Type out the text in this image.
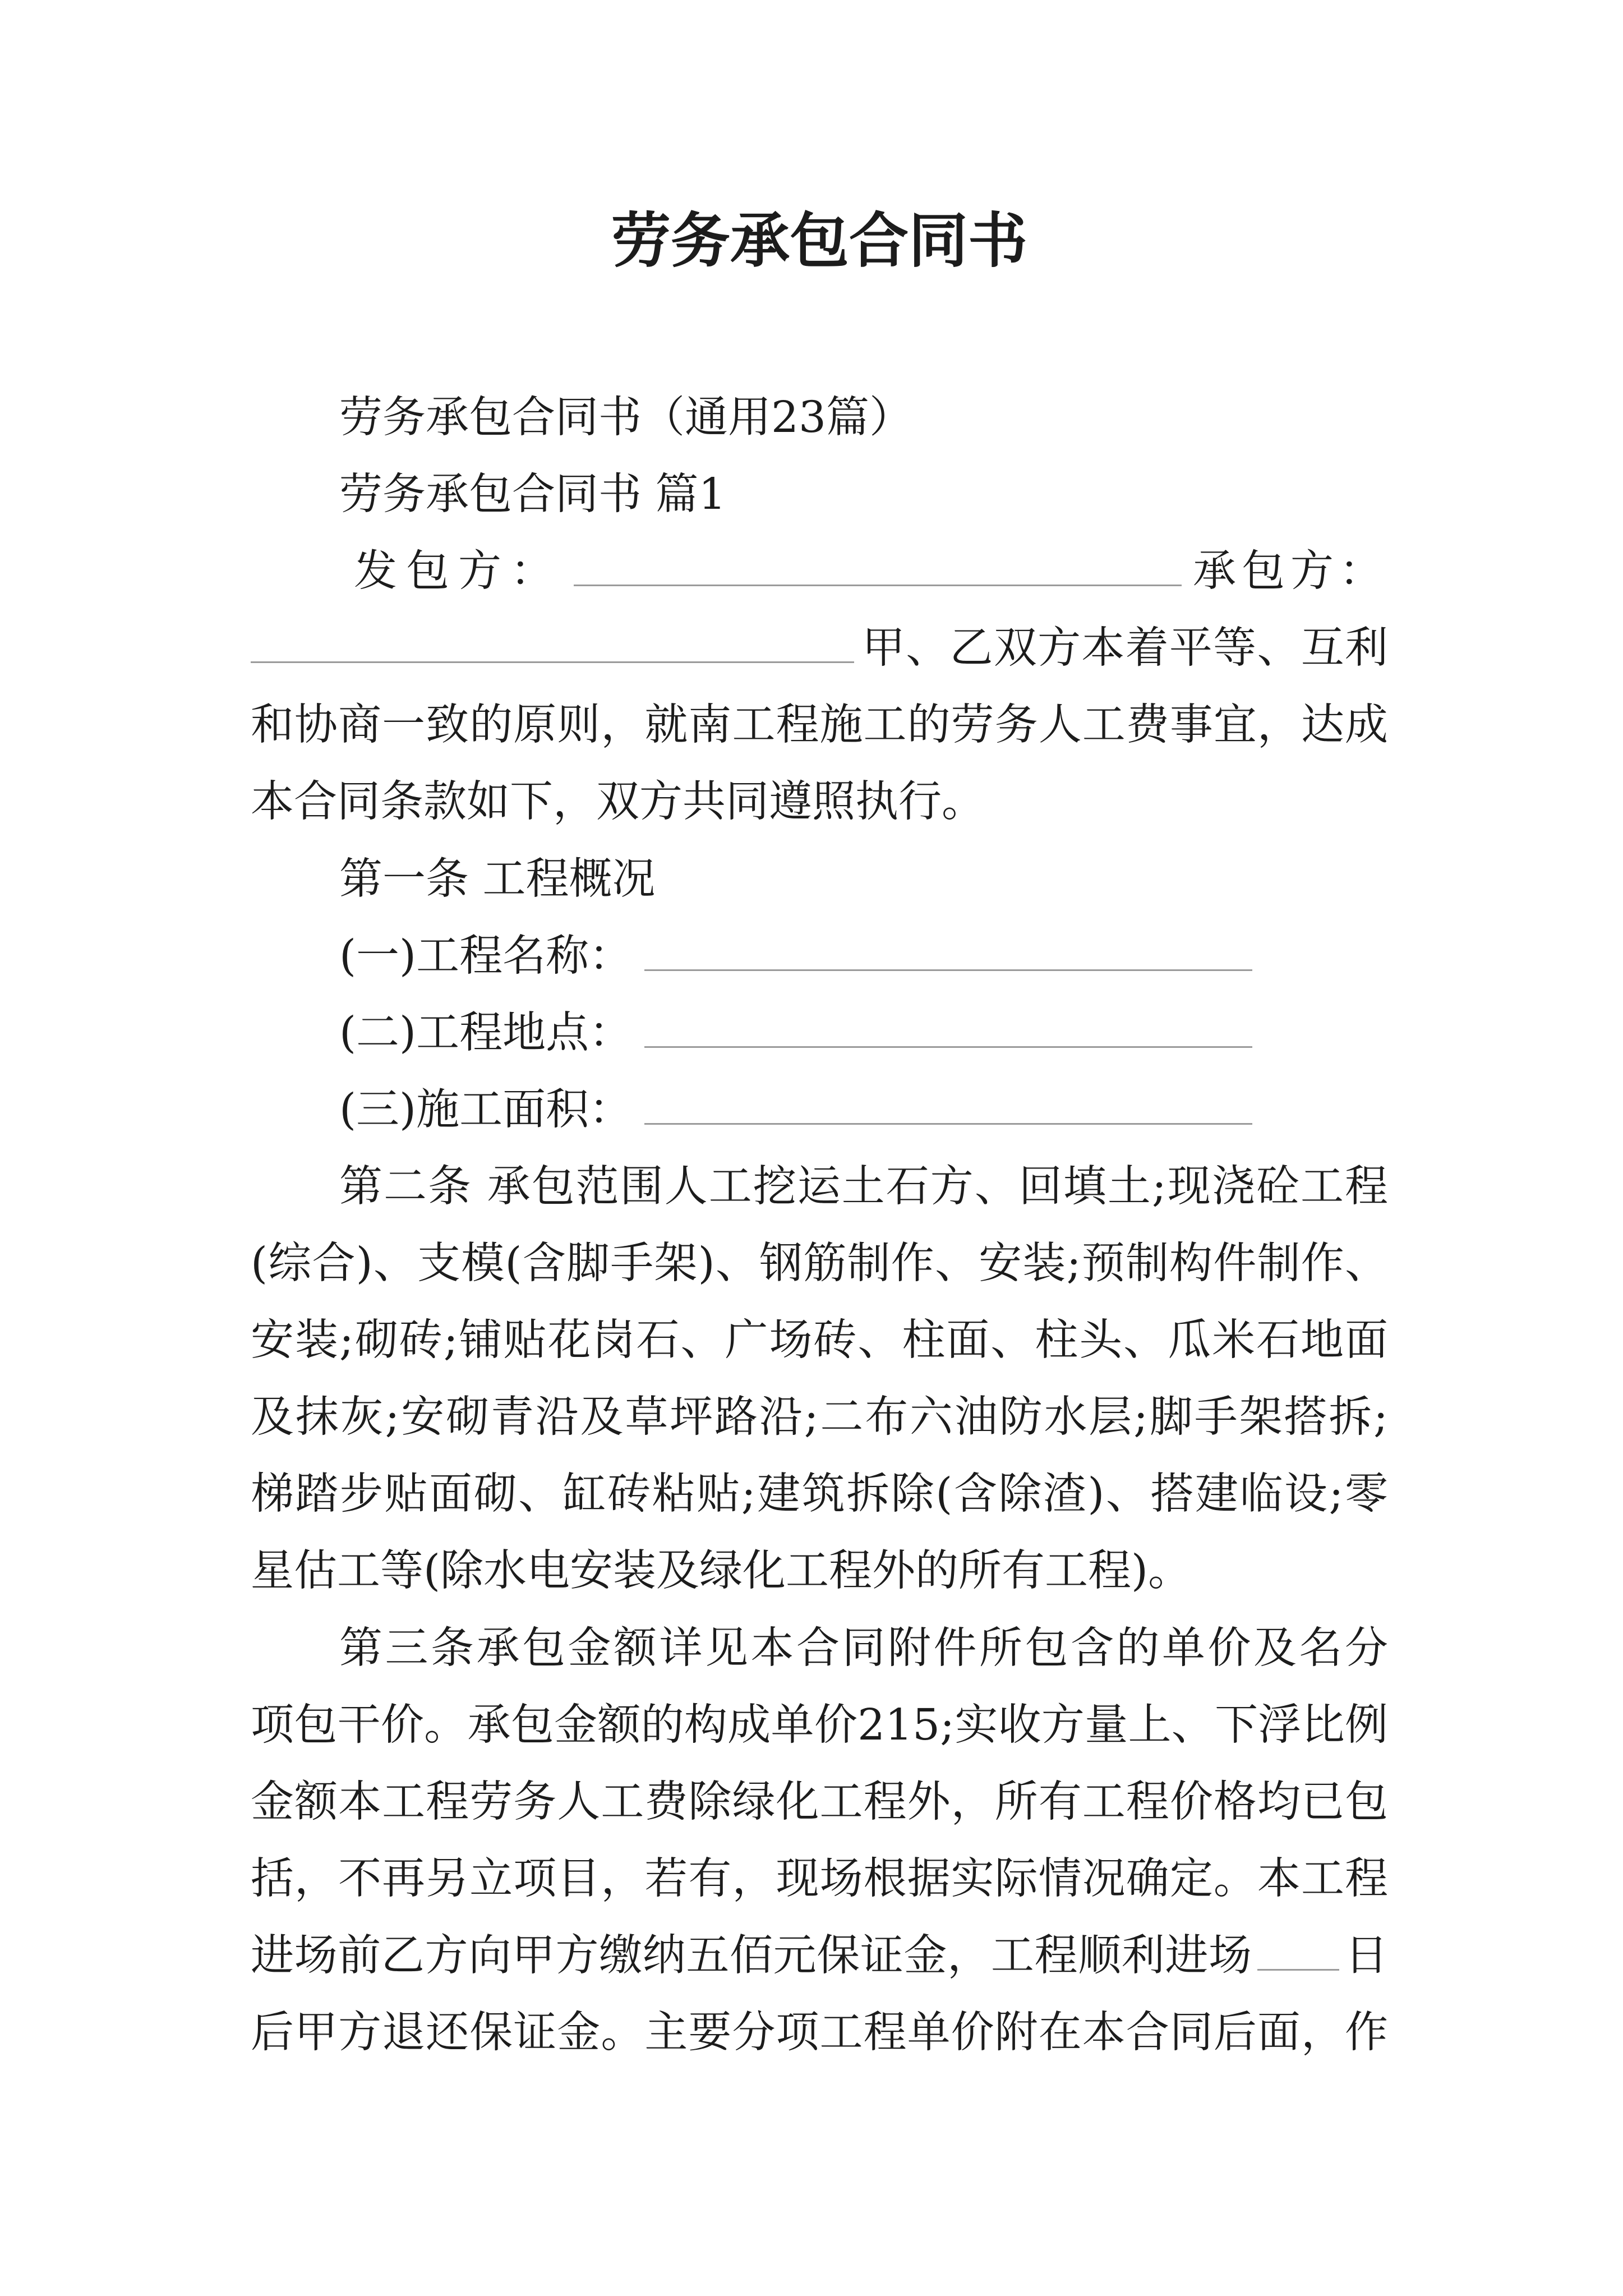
劳务承包合同书
劳务承包合同书（通用23篇）
劳务承包合同书 篇1
发包方：	承包方：
甲、乙双方本着平等、互利
和协商一致的原则，就南工程施工的劳务人工费事宜，达成
本合同条款如下，双方共同遵照执行。
第一条 工程概况
(一)工程名称：
(二)工程地点：
(三)施工面积：
第二条 承包范围人工挖运土石方、回填土;现浇砼工程
(综合)、支模(含脚手架)、钢筋制作、安装;预制构件制作、
安装;砌砖;铺贴花岗石、广场砖、柱面、柱头、瓜米石地面
及抹灰;安砌青沿及草坪路沿;二布六油防水层;脚手架搭拆;
梯踏步贴面砌、缸砖粘贴;建筑拆除(含除渣)、搭建临设;零
星估工等(除水电安装及绿化工程外的所有工程)。
第三条承包金额详见本合同附件所包含的单价及名分
项包干价。承包金额的构成单价215;实收方量上、下浮比例
金额本工程劳务人工费除绿化工程外，所有工程价格均已包
括，不再另立项目，若有，现场根据实际情况确定。本工程
进场前乙方向甲方缴纳五佰元保证金，工程顺利进场 日
后甲方退还保证金。主要分项工程单价附在本合同后面，作
